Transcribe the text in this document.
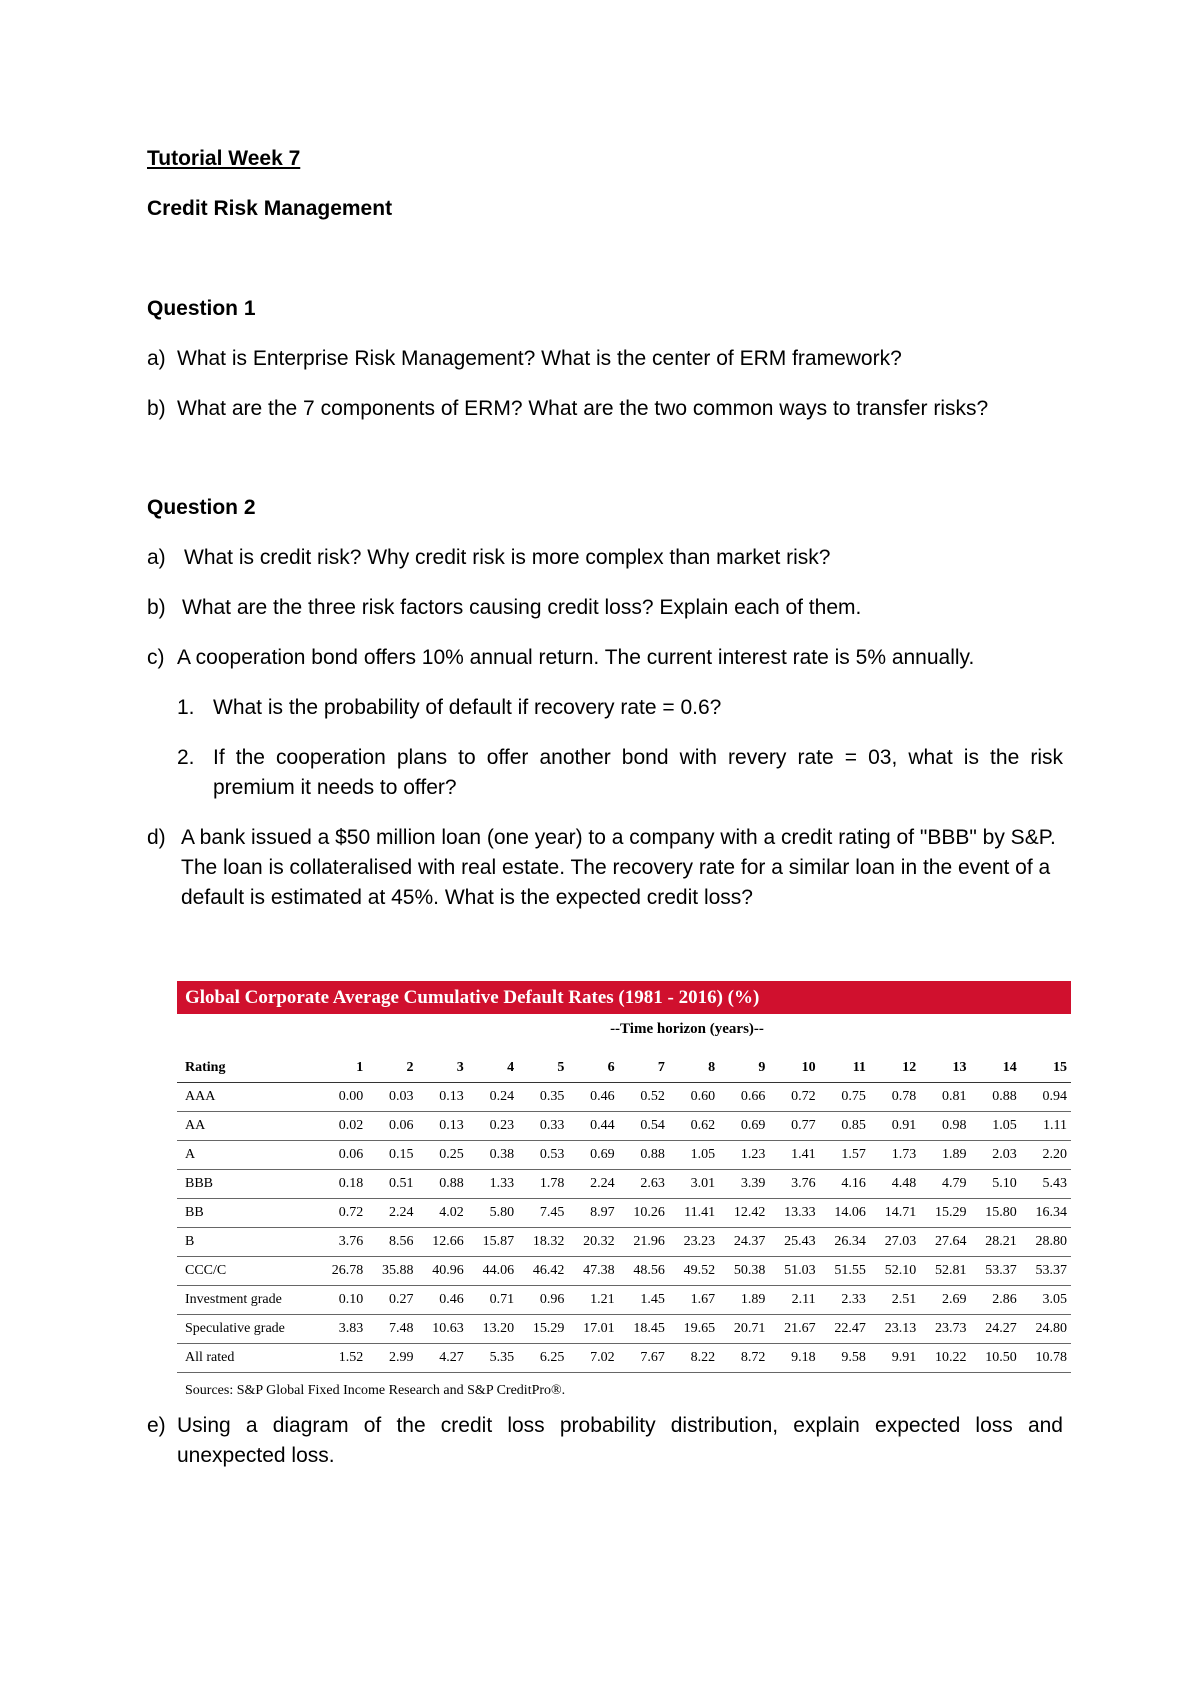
Tutorial Week 7
Credit Risk Management
Question 1
a) What is Enterprise Risk Management? What is the center of ERM framework?
b) What are the 7 components of ERM? What are the two common ways to transfer risks?
Question 2
a) What is credit risk? Why credit risk is more complex than market risk?
b) What are the three risk factors causing credit loss? Explain each of them.
c) A cooperation bond offers 10% annual return. The current interest rate is 5% annually.
1. What is the probability of default if recovery rate = 0.6?
2. If the cooperation plans to offer another bond with revery rate = 03, what is the risk premium it needs to offer?
d) A bank issued a $50 million loan (one year) to a company with a credit rating of "BBB" by S&P. The loan is collateralised with real estate. The recovery rate for a similar loan in the event of a default is estimated at 45%. What is the expected credit loss?
Global Corporate Average Cumulative Default Rates (1981 - 2016) (%)
--Time horizon (years)--
Rating	1	2	3	4	5	6	7	8	9	10	11	12	13	14	15
AAA	0.00	0.03	0.13	0.24	0.35	0.46	0.52	0.60	0.66	0.72	0.75	0.78	0.81	0.88	0.94
AA	0.02	0.06	0.13	0.23	0.33	0.44	0.54	0.62	0.69	0.77	0.85	0.91	0.98	1.05	1.11
A	0.06	0.15	0.25	0.38	0.53	0.69	0.88	1.05	1.23	1.41	1.57	1.73	1.89	2.03	2.20
BBB	0.18	0.51	0.88	1.33	1.78	2.24	2.63	3.01	3.39	3.76	4.16	4.48	4.79	5.10	5.43
BB	0.72	2.24	4.02	5.80	7.45	8.97	10.26	11.41	12.42	13.33	14.06	14.71	15.29	15.80	16.34
B	3.76	8.56	12.66	15.87	18.32	20.32	21.96	23.23	24.37	25.43	26.34	27.03	27.64	28.21	28.80
CCC/C	26.78	35.88	40.96	44.06	46.42	47.38	48.56	49.52	50.38	51.03	51.55	52.10	52.81	53.37	53.37
Investment grade	0.10	0.27	0.46	0.71	0.96	1.21	1.45	1.67	1.89	2.11	2.33	2.51	2.69	2.86	3.05
Speculative grade	3.83	7.48	10.63	13.20	15.29	17.01	18.45	19.65	20.71	21.67	22.47	23.13	23.73	24.27	24.80
All rated	1.52	2.99	4.27	5.35	6.25	7.02	7.67	8.22	8.72	9.18	9.58	9.91	10.22	10.50	10.78
Sources: S&P Global Fixed Income Research and S&P CreditPro®.
e) Using a diagram of the credit loss probability distribution, explain expected loss and unexpected loss.
